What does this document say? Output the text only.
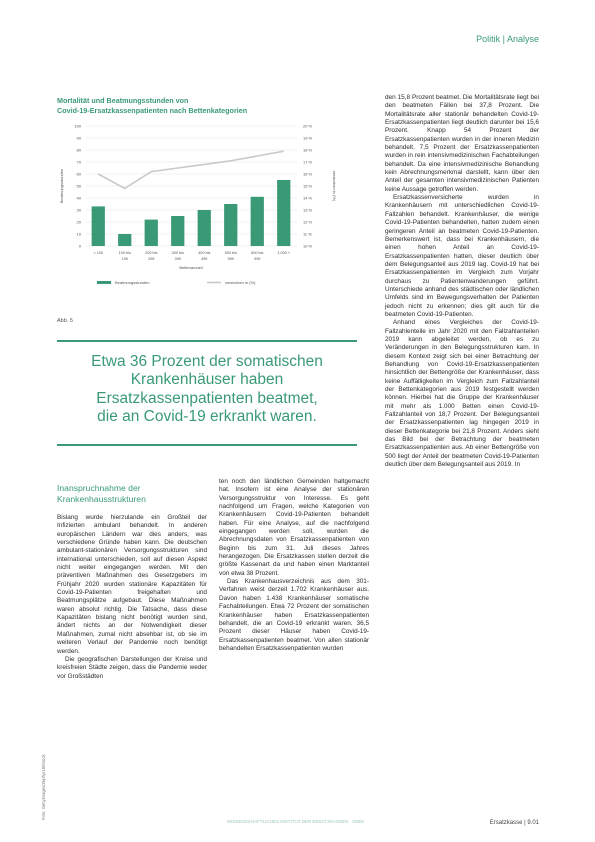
Politik | Analyse
Mortalität und Beatmungsstunden von
Covid-19-Ersatzkassenpatienten nach Bettenkategorien
0
10
20
30
40
50
60
70
80
90
100
10 %
11 %
12 %
13 %
14 %
15 %
16 %
17 %
18 %
19 %
20 %
Beatmungsstunden	verstorben in (%)
< 100	100 bis 199
200 bis 299
300 bis 399
400 bis 499
500 bis 599
600 bis 999
1.000 +
Bettenanzahl
Beatmungsstunden	verstorben in (%)
Abb. 5
Etwa 36 Prozent der somatischen
Krankenhäuser haben
Ersatzkassenpatienten beatmet,
die an Covid-19 erkrankt waren.
Inanspruchnahme der Krankenhausstrukturen

Bislang wurde hierzulande ein Großteil der Infizierten ambulant behandelt. In anderen europäischen Ländern war dies anders, was verschiedene Gründe haben kann. Die deutschen ambulant-stationären Versorgungsstrukturen sind international unterschieden, soll auf diesen Aspekt nicht weiter eingegangen werden. Mit den präventiven Maßnahmen des Gesetzgebers im Frühjahr 2020 wurden stationäre Kapazitäten für Covid-19-Patienten freigehalten und Beatmungsplätze aufgebaut. Diese Maßnahmen waren absolut richtig. Die Tatsache, dass diese Kapazitäten bislang nicht benötigt wurden sind, ändert nichts an der Notwendigkeit dieser Maßnahmen, zumal nicht absehbar ist, ob sie im weiteren Verlauf der Pandemie noch benötigt werden.

Die geografischen Darstellungen der Kreise und kreisfreien Städte zeigen, dass die Pandemie weder vor Großstädten

ten noch den ländlichen Gemeinden haltgemacht hat. Insofern ist eine Analyse der stationären Versorgungsstruktur von Interesse. Es geht nachfolgend um Fragen, welche Kategorien von Krankenhäusern Covid-19-Patienten behandelt haben. Für eine Analyse, auf die nachfolgend eingegangen werden soll, wurden die Abrechnungsdaten von Ersatzkassenpatienten von Beginn bis zum 31. Juli dieses Jahres herangezogen. Die Ersatzkassen stellen derzeit die größte Kassenart da und haben einen Marktanteil von etwa 38 Prozent.

Das Krankenhausverzeichnis aus dem 301-Verfahren weist derzeit 1.702 Krankenhäuser aus. Davon haben 1.438 Krankenhäuser somatische Fachabteilungen. Etwa 72 Prozent der somatischen Krankenhäuser haben Ersatzkassenpatienten behandelt, die an Covid-19 erkrankt waren. 36,5 Prozent dieser Häuser haben Covid-19-Ersatzkassenpatienten beatmet. Von allen stationär behandelten Ersatzkassenpatienten wurden

den 15,8 Prozent beatmet. Die Mortalitätsrate liegt bei den beatmeten Fällen bei 37,8 Prozent. Die Mortalitätsrate aller stationär behandelten Covid-19-Ersatzkassenpatienten liegt deutlich darunter bei 15,6 Prozent. Knapp 54 Prozent der Ersatzkassenpatienten wurden in der inneren Medizin behandelt. 7,5 Prozent der Ersatzkassenpatienten wurden in rein intensivmedizinischen Fachabteilungen behandelt. Da eine intensivmedizinische Behandlung kein Abrechnungsmerkmal darstellt, kann über den Anteil der gesamten intensivmedizinischen Patienten keine Aussage getroffen werden.

Ersatzkassenversicherte wurden in Krankenhäusern mit unterschiedlichen Covid-19-Fallzahlen behandelt. Krankenhäuser, die wenige Covid-19-Patienten behandelten, hatten zudem einen geringeren Anteil an beatmeten Covid-19-Patienten. Bemerkenswert ist, dass bei Krankenhäusern, die einen hohen Anteil an Covid-19-Ersatzkassenpatienten hatten, dieser deutlich über dem Belegungsanteil aus 2019 lag. Covid-19 hat bei Ersatzkassenpatienten im Vergleich zum Vorjahr durchaus zu Patientenwanderungen geführt. Unterschiede anhand des städtischen oder ländlichen Umfelds sind im Bewegungsverhalten der Patienten jedoch nicht zu erkennen; dies gilt auch für die beatmeten Covid-19-Patienten.

Anhand eines Vergleiches der Covid-19-Fallzahlenteile im Jahr 2020 mit den Fallzahlanteilen 2019 kann abgeleitet werden, ob es zu Veränderungen in den Belegungsstrukturen kam. In diesem Kontext zeigt sich bei einer Betrachtung der Behandlung von Covid-19-Ersatzkassenpatienten hinsichtlich der Bettengröße der Krankenhäuser, dass keine Auffälligkeiten im Vergleich zum Fallzahlanteil der Bettenkategorien aus 2019 festgestellt werden können. Hierbei hat die Gruppe der Krankenhäuser mit mehr als 1.000 Betten einen Covid-19-Fallzahlanteil von 18,7 Prozent. Der Belegungsanteil der Ersatzkassenpatienten lag hingegen 2019 in dieser Bettenkategorie bei 21,8 Prozent. Anders sieht das Bild bei der Betrachtung der beatmeten Ersatzkassenpatienten aus. Ab einer Bettengröße von 500 liegt der Anteil der beatmeten Covid-19-Patienten deutlich über dem Belegungsanteil aus 2019. In

Foto: Gettyimages/Zephyr18/iStock
WISSENSCHAFTLICHES INSTITUT DER ERSATZKASSEN · VDEK	Ersatzkasse | 9.01
